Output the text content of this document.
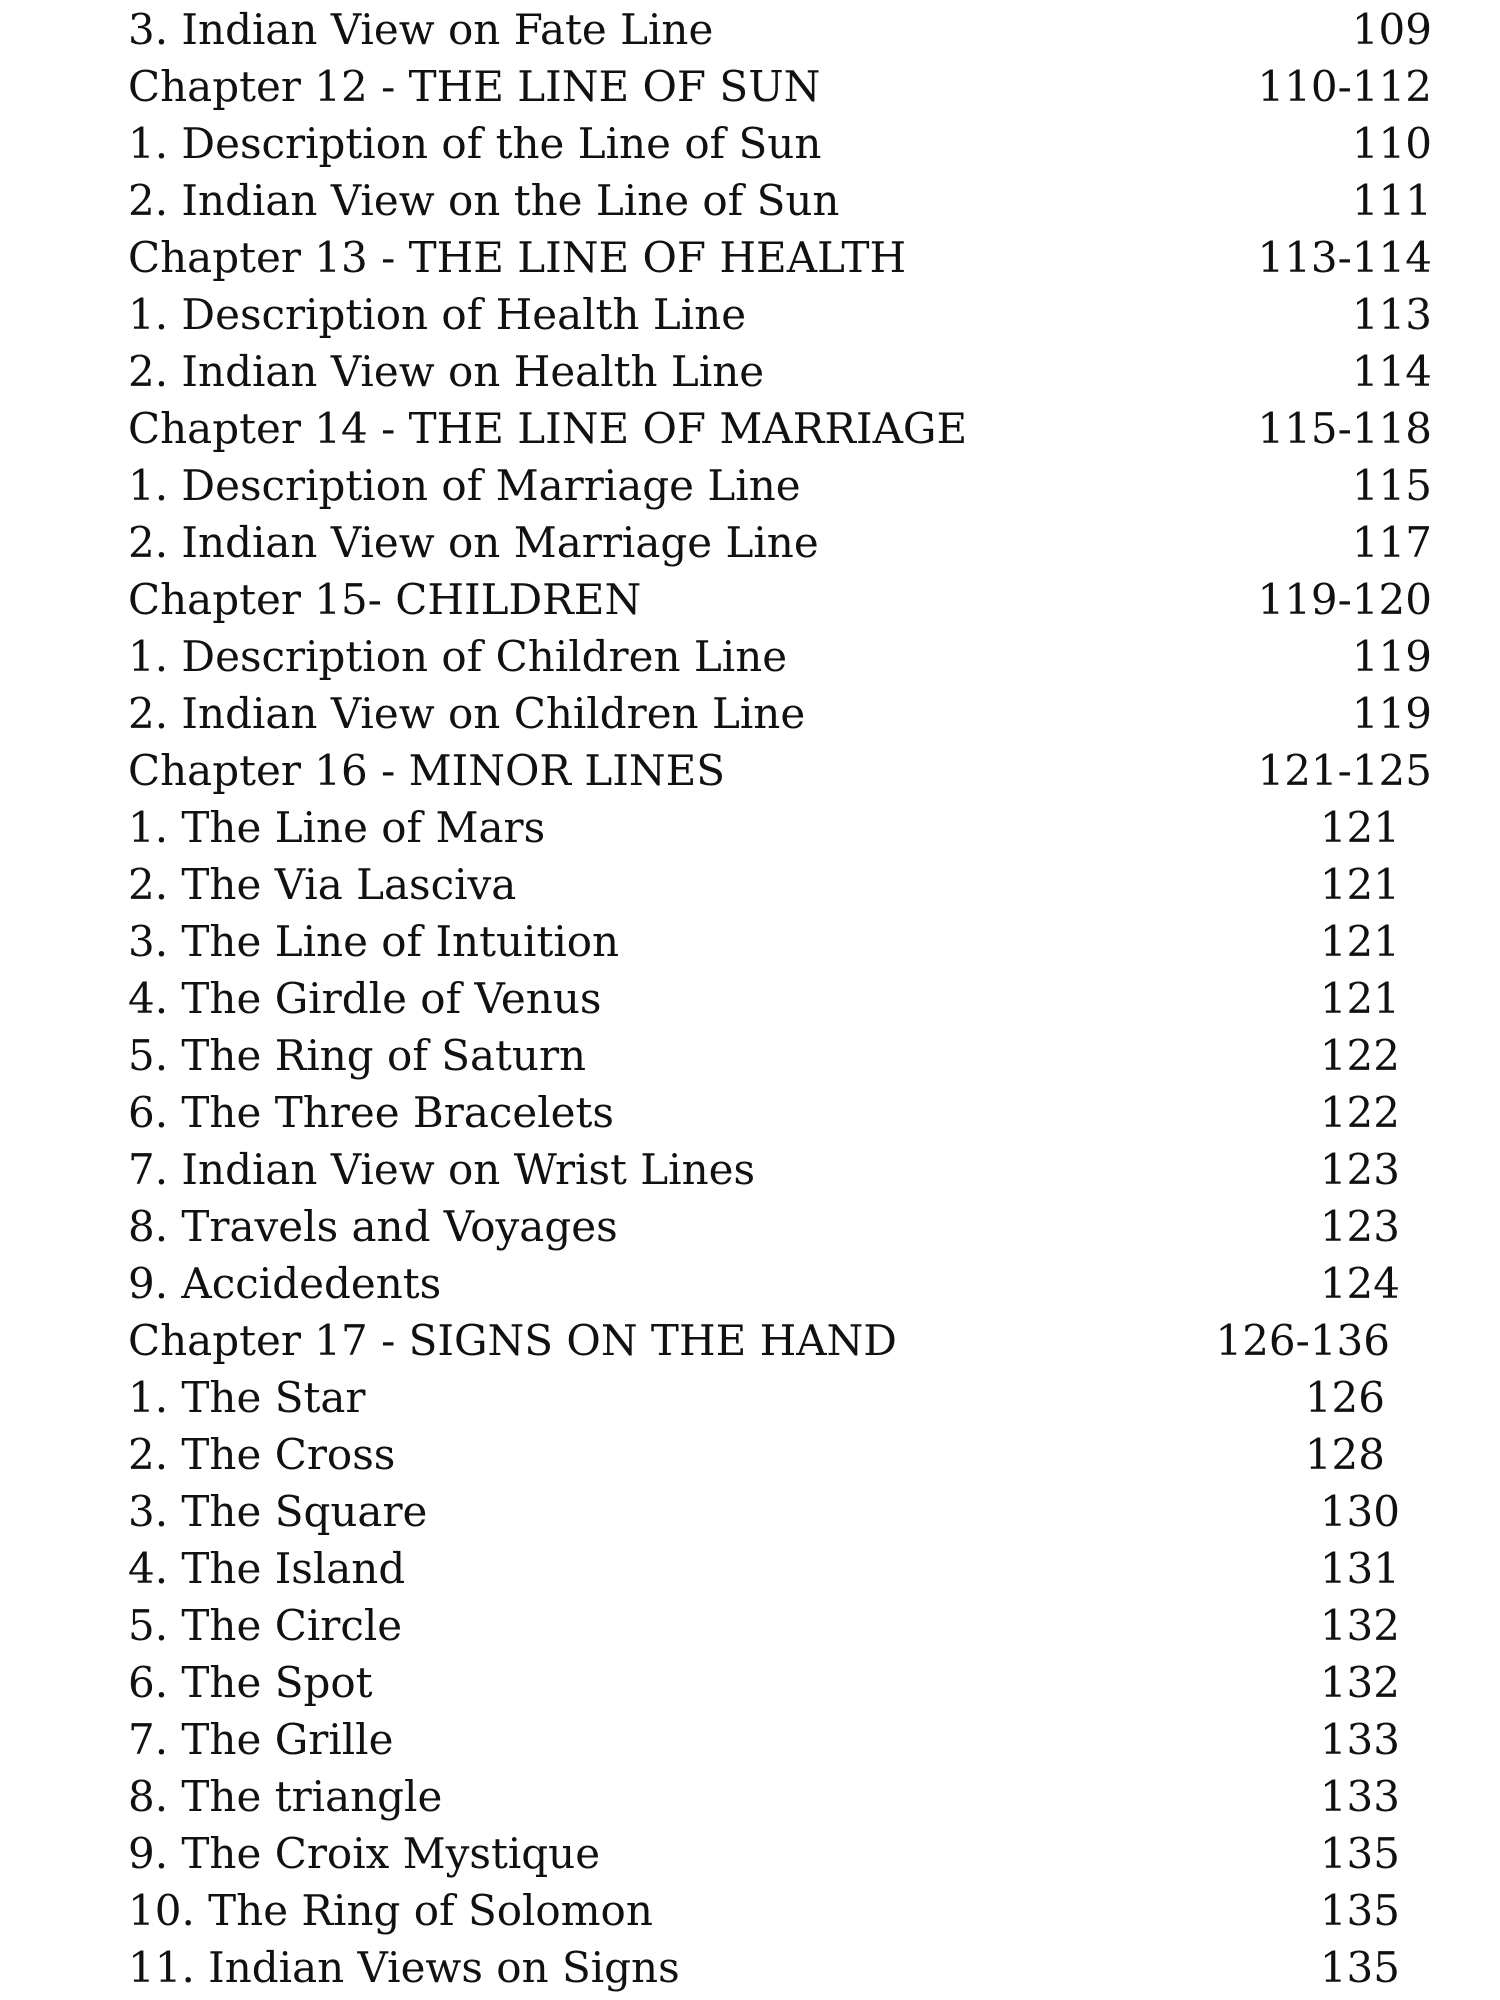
3. Indian View on Fate Line	109
Chapter 12 - THE LINE OF SUN	110-112
1. Description of the Line of Sun	110
2. Indian View on the Line of Sun	111
Chapter 13 - THE LINE OF HEALTH	113-114
1. Description of Health Line	113
2. Indian View on Health Line	114
Chapter 14 - THE LINE OF MARRIAGE	115-118
1. Description of Marriage Line	115
2. Indian View on Marriage Line	117
Chapter 15- CHILDREN	119-120
1. Description of Children Line	119
2. Indian View on Children Line	119
Chapter 16 - MINOR LINES	121-125
1. The Line of Mars	121
2. The Via Lasciva	121
3. The Line of Intuition	121
4. The Girdle of Venus	121
5. The Ring of Saturn	122
6. The Three Bracelets	122
7. Indian View on Wrist Lines	123
8. Travels and Voyages	123
9. Accidedents	124
Chapter 17 - SIGNS ON THE HAND	126-136
1. The Star	126
2. The Cross	128
3. The Square	130
4. The Island	131
5. The Circle	132
6. The Spot	132
7. The Grille	133
8. The triangle	133
9. The Croix Mystique	135
10. The Ring of Solomon	135
11. Indian Views on Signs	135
